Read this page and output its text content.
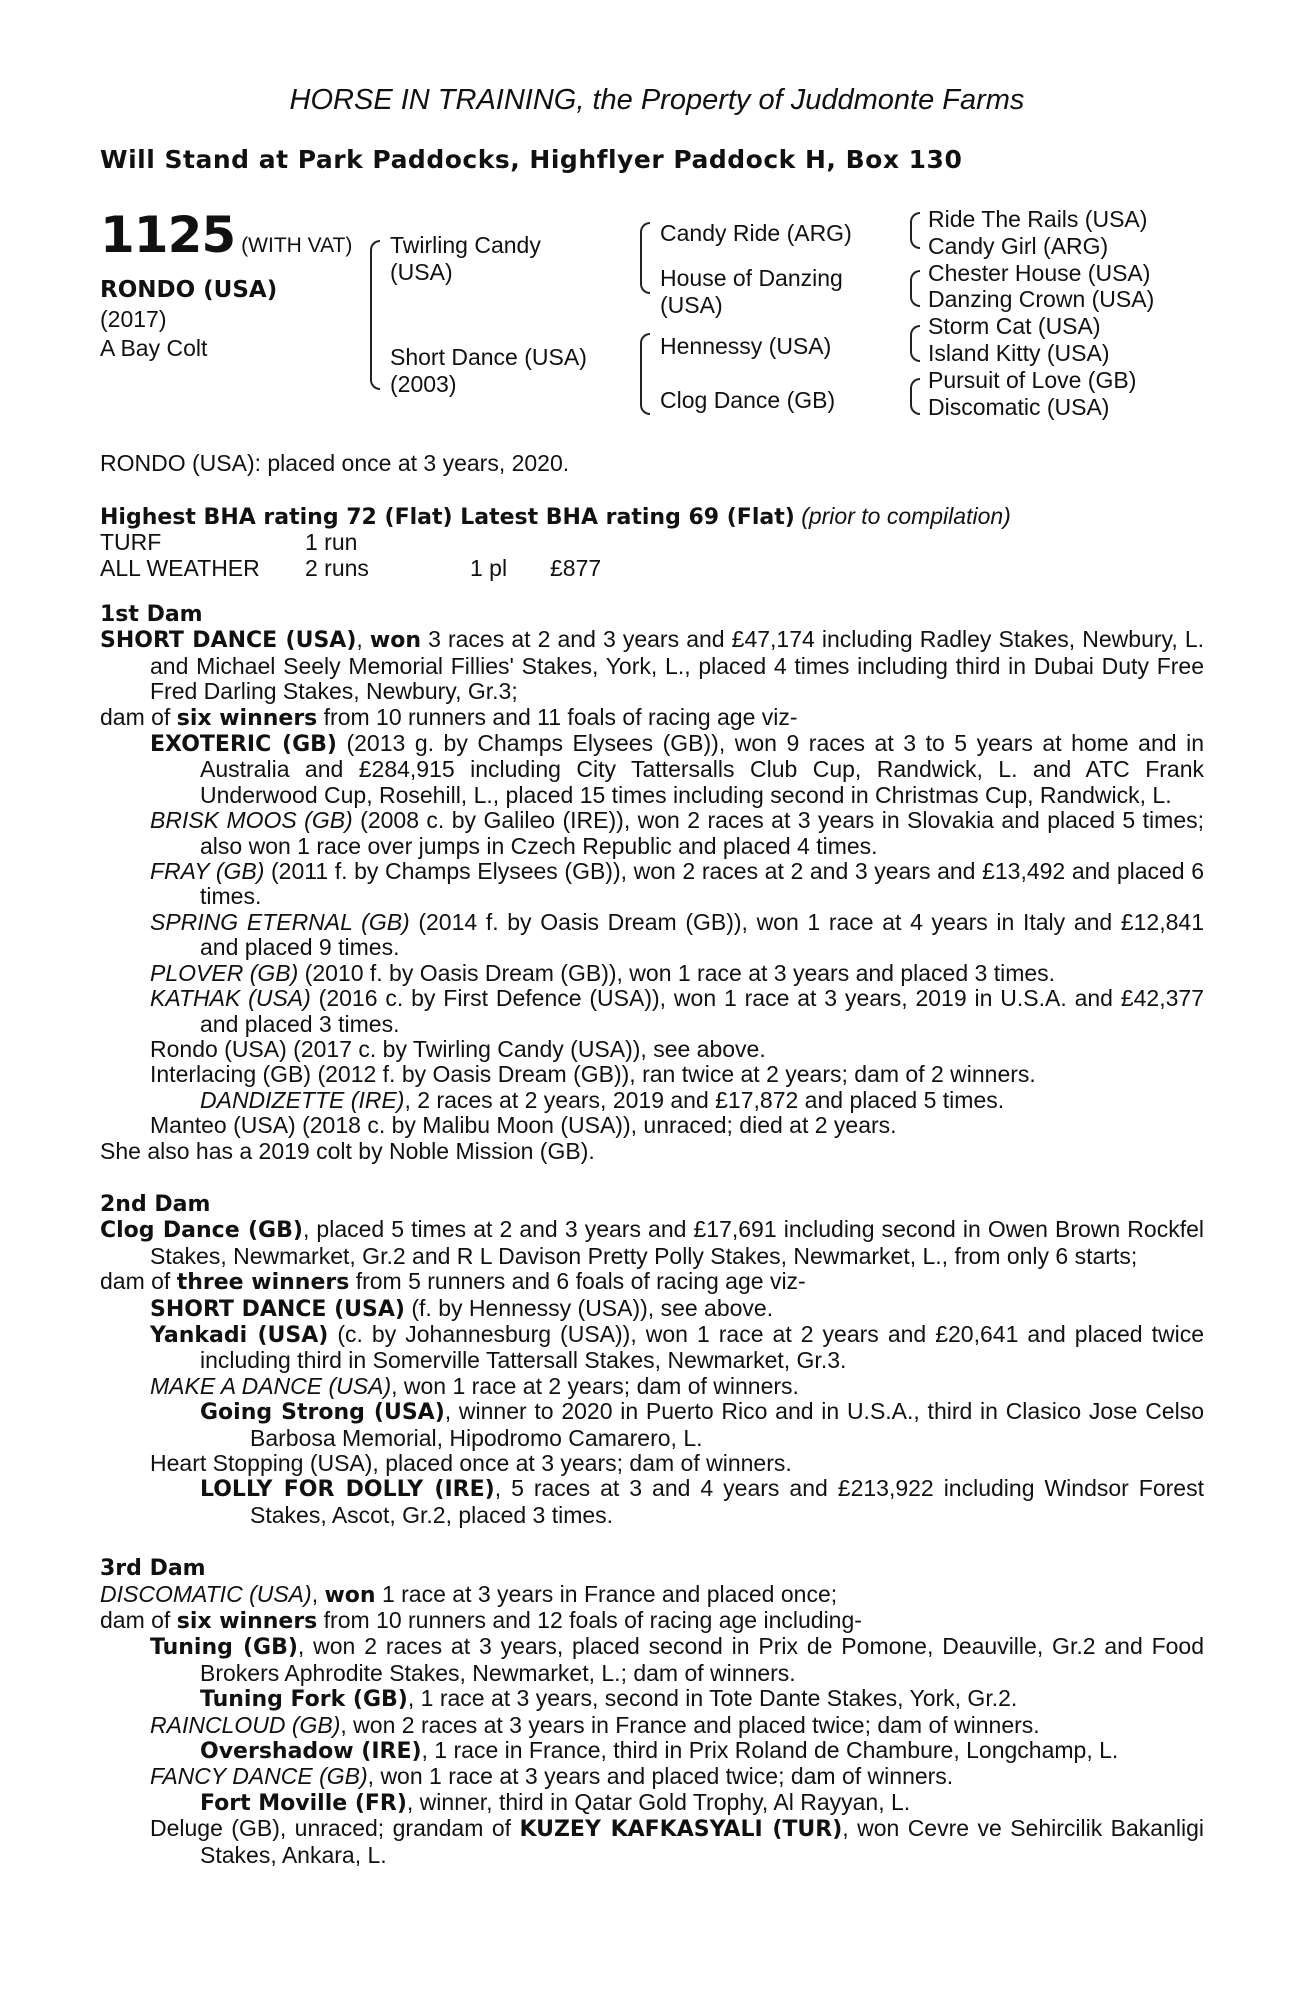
HORSE IN TRAINING, the Property of Juddmonte Farms
Will Stand at Park Paddocks, Highflyer Paddock H, Box 130
1125 (WITH VAT)
RONDO (USA)
(2017)
A Bay Colt
Twirling Candy
(USA)
Short Dance (USA)
(2003)
Candy Ride (ARG)
House of Danzing
(USA)
Hennessy (USA)
Clog Dance (GB)
Ride The Rails (USA)
Candy Girl (ARG)
Chester House (USA)
Danzing Crown (USA)
Storm Cat (USA)
Island Kitty (USA)
Pursuit of Love (GB)
Discomatic (USA)
RONDO (USA): placed once at 3 years, 2020.
Highest BHA rating 72 (Flat) Latest BHA rating 69 (Flat) (prior to compilation)
TURF	1 run
ALL WEATHER	2 runs	1 pl	£877
1st Dam
SHORT DANCE (USA), won 3 races at 2 and 3 years and £47,174 including Radley Stakes, Newbury, L. and Michael Seely Memorial Fillies' Stakes, York, L., placed 4 times including third in Dubai Duty Free Fred Darling Stakes, Newbury, Gr.3;
dam of six winners from 10 runners and 11 foals of racing age viz-
EXOTERIC (GB) (2013 g. by Champs Elysees (GB)), won 9 races at 3 to 5 years at home and in Australia and £284,915 including City Tattersalls Club Cup, Randwick, L. and ATC Frank Underwood Cup, Rosehill, L., placed 15 times including second in Christmas Cup, Randwick, L.
BRISK MOOS (GB) (2008 c. by Galileo (IRE)), won 2 races at 3 years in Slovakia and placed 5 times; also won 1 race over jumps in Czech Republic and placed 4 times.
FRAY (GB) (2011 f. by Champs Elysees (GB)), won 2 races at 2 and 3 years and £13,492 and placed 6 times.
SPRING ETERNAL (GB) (2014 f. by Oasis Dream (GB)), won 1 race at 4 years in Italy and £12,841 and placed 9 times.
PLOVER (GB) (2010 f. by Oasis Dream (GB)), won 1 race at 3 years and placed 3 times.
KATHAK (USA) (2016 c. by First Defence (USA)), won 1 race at 3 years, 2019 in U.S.A. and £42,377 and placed 3 times.
Rondo (USA) (2017 c. by Twirling Candy (USA)), see above.
Interlacing (GB) (2012 f. by Oasis Dream (GB)), ran twice at 2 years; dam of 2 winners.
DANDIZETTE (IRE), 2 races at 2 years, 2019 and £17,872 and placed 5 times.
Manteo (USA) (2018 c. by Malibu Moon (USA)), unraced; died at 2 years.
She also has a 2019 colt by Noble Mission (GB).
2nd Dam
Clog Dance (GB), placed 5 times at 2 and 3 years and £17,691 including second in Owen Brown Rockfel Stakes, Newmarket, Gr.2 and R L Davison Pretty Polly Stakes, Newmarket, L., from only 6 starts;
dam of three winners from 5 runners and 6 foals of racing age viz-
SHORT DANCE (USA) (f. by Hennessy (USA)), see above.
Yankadi (USA) (c. by Johannesburg (USA)), won 1 race at 2 years and £20,641 and placed twice including third in Somerville Tattersall Stakes, Newmarket, Gr.3.
MAKE A DANCE (USA), won 1 race at 2 years; dam of winners.
Going Strong (USA), winner to 2020 in Puerto Rico and in U.S.A., third in Clasico Jose Celso Barbosa Memorial, Hipodromo Camarero, L.
Heart Stopping (USA), placed once at 3 years; dam of winners.
LOLLY FOR DOLLY (IRE), 5 races at 3 and 4 years and £213,922 including Windsor Forest Stakes, Ascot, Gr.2, placed 3 times.
3rd Dam
DISCOMATIC (USA), won 1 race at 3 years in France and placed once;
dam of six winners from 10 runners and 12 foals of racing age including-
Tuning (GB), won 2 races at 3 years, placed second in Prix de Pomone, Deauville, Gr.2 and Food Brokers Aphrodite Stakes, Newmarket, L.; dam of winners.
Tuning Fork (GB), 1 race at 3 years, second in Tote Dante Stakes, York, Gr.2.
RAINCLOUD (GB), won 2 races at 3 years in France and placed twice; dam of winners.
Overshadow (IRE), 1 race in France, third in Prix Roland de Chambure, Longchamp, L.
FANCY DANCE (GB), won 1 race at 3 years and placed twice; dam of winners.
Fort Moville (FR), winner, third in Qatar Gold Trophy, Al Rayyan, L.
Deluge (GB), unraced; grandam of KUZEY KAFKASYALI (TUR), won Cevre ve Sehircilik Bakanligi Stakes, Ankara, L.
